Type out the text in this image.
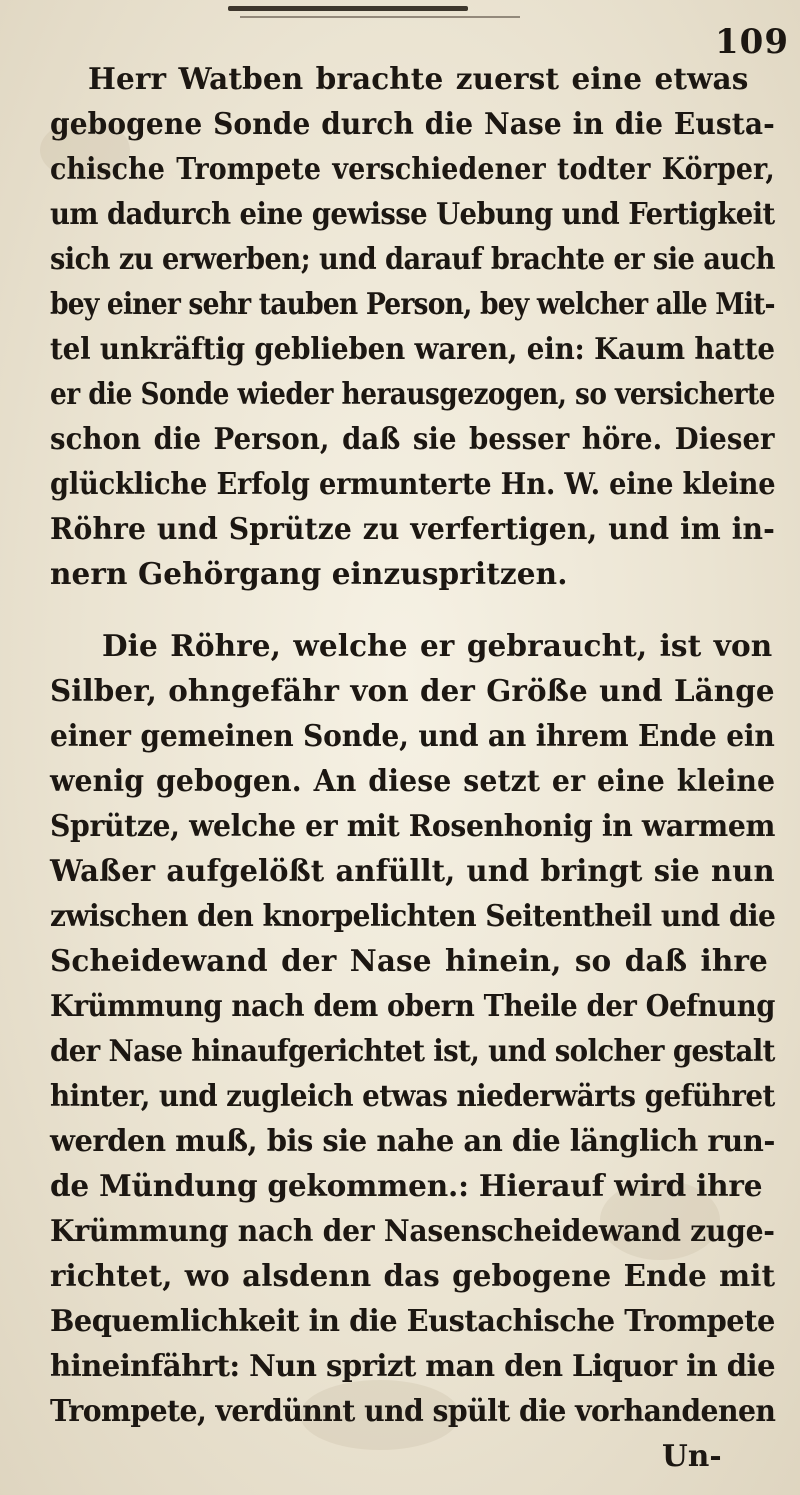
109
Herr Watben brachte zuerst eine etwas
gebogene Sonde durch die Nase in die Eusta-
chische Trompete verschiedener todter Körper,
um dadurch eine gewisse Uebung und Fertigkeit
sich zu erwerben; und darauf brachte er sie auch
bey einer sehr tauben Person, bey welcher alle Mit-
tel unkräftig geblieben waren, ein: Kaum hatte
er die Sonde wieder herausgezogen, so versicherte
schon die Person, daß sie besser höre. Dieser
glückliche Erfolg ermunterte Hn. W. eine kleine
Röhre und Sprütze zu verfertigen, und im in-
nern Gehörgang einzuspritzen.
Die Röhre, welche er gebraucht, ist von
Silber, ohngefähr von der Größe und Länge
einer gemeinen Sonde, und an ihrem Ende ein
wenig gebogen. An diese setzt er eine kleine
Sprütze, welche er mit Rosenhonig in warmem
Waßer aufgelößt anfüllt, und bringt sie nun
zwischen den knorpelichten Seitentheil und die
Scheidewand der Nase hinein, so daß ihre
Krümmung nach dem obern Theile der Oefnung
der Nase hinaufgerichtet ist, und solcher gestalt
hinter, und zugleich etwas niederwärts geführet
werden muß, bis sie nahe an die länglich run-
de Mündung gekommen.: Hierauf wird ihre
Krümmung nach der Nasenscheidewand zuge-
richtet, wo alsdenn das gebogene Ende mit
Bequemlichkeit in die Eustachische Trompete
hineinfährt: Nun sprizt man den Liquor in die
Trompete, verdünnt und spült die vorhandenen
Un-
